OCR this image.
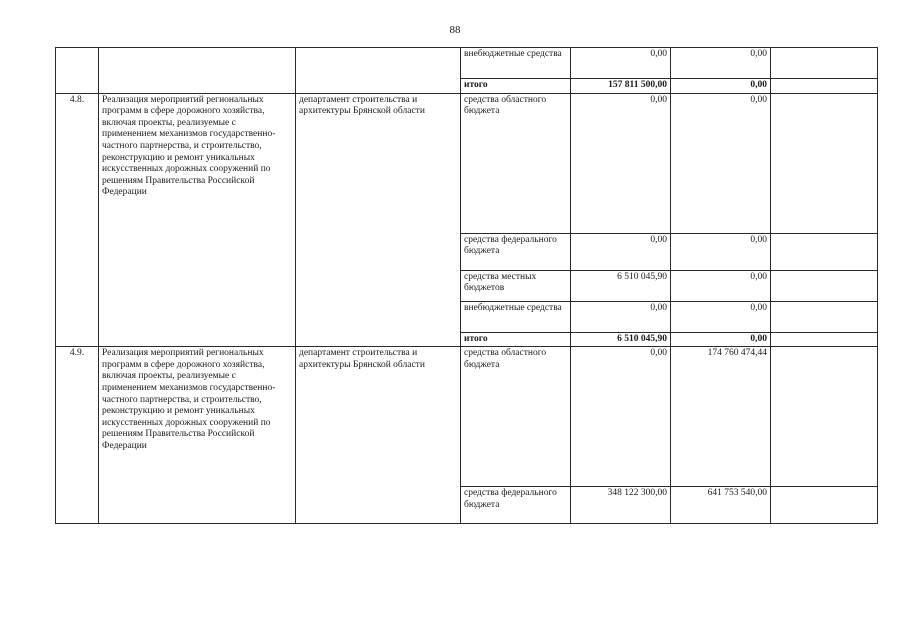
88
			внебюджетные средства	0,00	0,00	
			итого	157 811 500,00	0,00	
4.8.	Реализация мероприятий региональных программ в сфере дорожного хозяйства, включая проекты, реализуемые с применением механизмов государственно-частного партнерства, и строительство, реконструкцию и ремонт уникальных искусственных дорожных сооружений по решениям Правительства Российской Федерации	департамент строительства и архитектуры Брянской области	средства областного бюджета	0,00	0,00	
			средства федерального бюджета	0,00	0,00	
			средства местных бюджетов	6 510 045,90	0,00	
			внебюджетные средства	0,00	0,00	
			итого	6 510 045,90	0,00	
4.9.	Реализация мероприятий региональных программ в сфере дорожного хозяйства, включая проекты, реализуемые с применением механизмов государственно-частного партнерства, и строительство, реконструкцию и ремонт уникальных искусственных дорожных сооружений по решениям Правительства Российской Федерации	департамент строительства и архитектуры Брянской области	средства областного бюджета	0,00	174 760 474,44	
			средства федерального бюджета	348 122 300,00	641 753 540,00	
